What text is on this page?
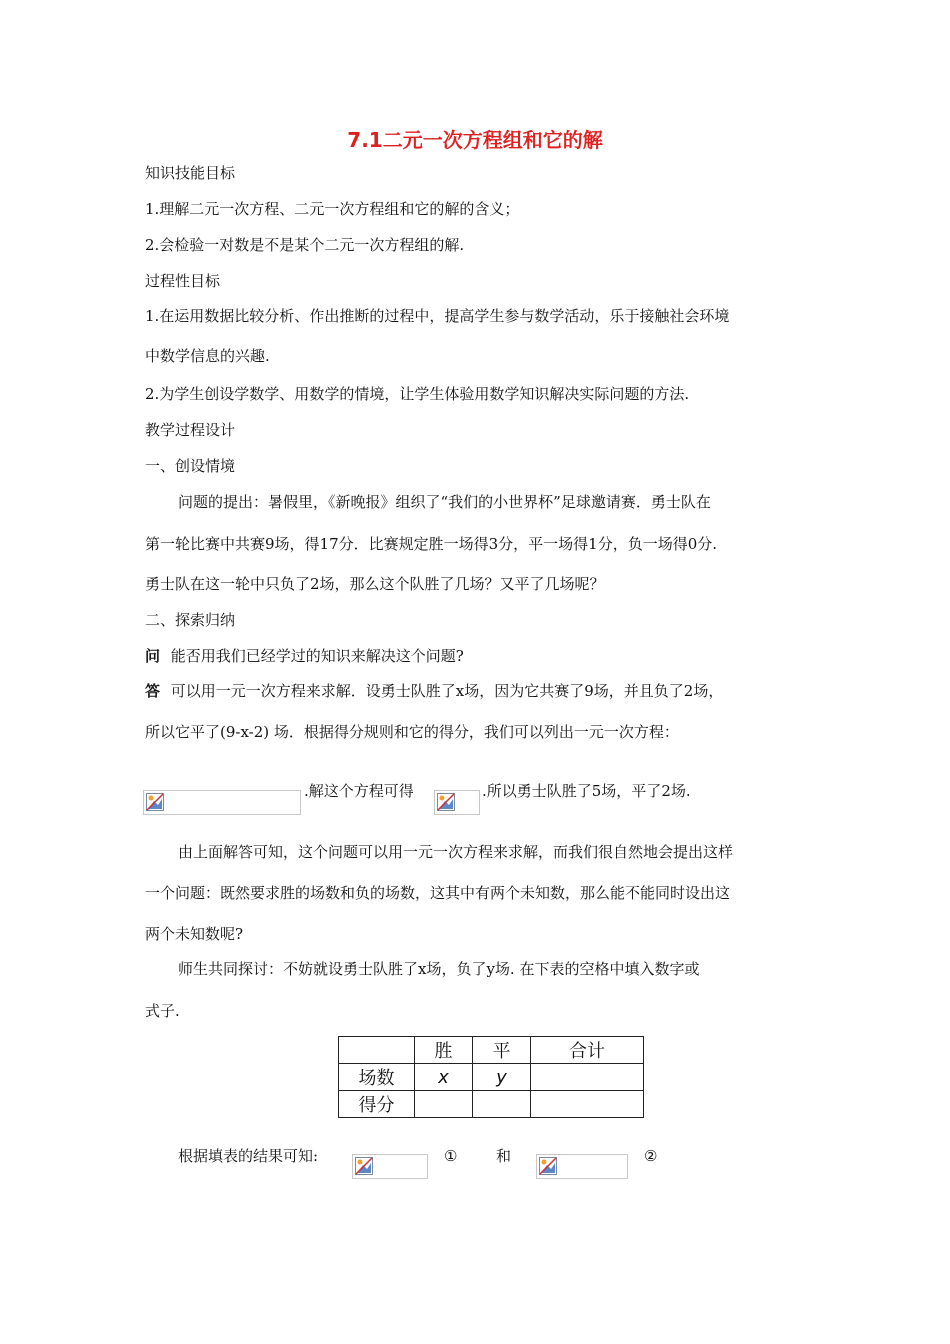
7.1二元一次方程组和它的解
知识技能目标
1.理解二元一次方程、二元一次方程组和它的解的含义；
2.会检验一对数是不是某个二元一次方程组的解.
过程性目标
1.在运用数据比较分析、作出推断的过程中，提高学生参与数学活动，乐于接触社会环境
中数学信息的兴趣.
2.为学生创设学数学、用数学的情境，让学生体验用数学知识解决实际问题的方法.
教学过程设计
一、创设情境
问题的提出：暑假里，《新晚报》组织了“我们的小世界杯”足球邀请赛．勇士队在
第一轮比赛中共赛9场，得17分．比赛规定胜一场得3分，平一场得1分，负一场得0分.
勇士队在这一轮中只负了2场，那么这个队胜了几场？又平了几场呢？
二、探索归纳
问 能否用我们已经学过的知识来解决这个问题?
答 可以用一元一次方程来求解．设勇士队胜了x场，因为它共赛了9场，并且负了2场，
所以它平了(9-x-2) 场．根据得分规则和它的得分，我们可以列出一元一次方程：
.解这个方程可得	.所以勇士队胜了5场，平了2场.
由上面解答可知，这个问题可以用一元一次方程来求解，而我们很自然地会提出这样
一个问题：既然要求胜的场数和负的场数，这其中有两个未知数，那么能不能同时设出这
两个未知数呢?
师生共同探讨：不妨就设勇士队胜了x场，负了y场. 在下表的空格中填入数字或
式子.
	胜	平	合计
场数	x	y	
得分			
根据填表的结果可知:	①	和	②
